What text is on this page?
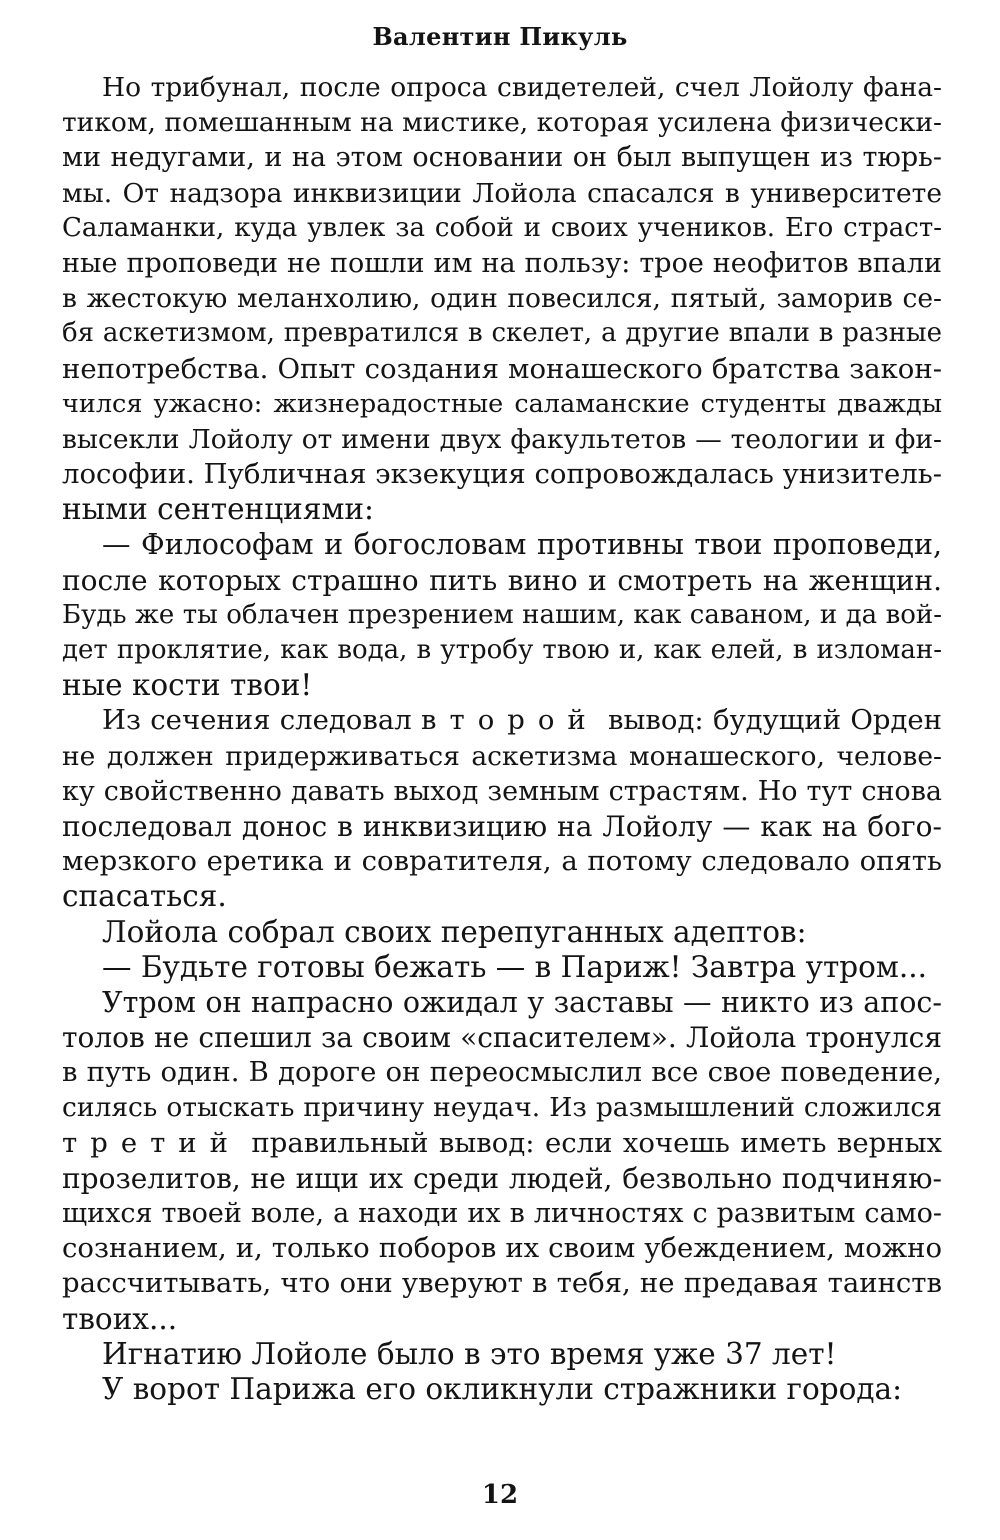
Валентин Пикуль
Но трибунал, после опроса свидетелей, счел Лойолу фана-
тиком, помешанным на мистике, которая усилена физически-
ми недугами, и на этом основании он был выпущен из тюрь-
мы. От надзора инквизиции Лойола спасался в университете
Саламанки, куда увлек за собой и своих учеников. Его страст-
ные проповеди не пошли им на пользу: трое неофитов впали
в жестокую меланхолию, один повесился, пятый, заморив се-
бя аскетизмом, превратился в скелет, а другие впали в разные
непотребства. Опыт создания монашеского братства закон-
чился ужасно: жизнерадостные саламанские студенты дважды
высекли Лойолу от имени двух факультетов — теологии и фи-
лософии. Публичная экзекуция сопровождалась унизитель-
ными сентенциями:
— Философам и богословам противны твои проповеди,
после которых страшно пить вино и смотреть на женщин.
Будь же ты облачен презрением нашим, как саваном, и да вой-
дет проклятие, как вода, в утробу твою и, как елей, в изломан-
ные кости твои!
Из сечения следовал второй вывод: будущий Орден
не должен придерживаться аскетизма монашеского, челове-
ку свойственно давать выход земным страстям. Но тут снова
последовал донос в инквизицию на Лойолу — как на бого-
мерзкого еретика и совратителя, а потому следовало опять
спасаться.
Лойола собрал своих перепуганных адептов:
— Будьте готовы бежать — в Париж! Завтра утром...
Утром он напрасно ожидал у заставы — никто из апос-
толов не спешил за своим «спасителем». Лойола тронулся
в путь один. В дороге он переосмыслил все свое поведение,
силясь отыскать причину неудач. Из размышлений сложился
третий правильный вывод: если хочешь иметь верных
прозелитов, не ищи их среди людей, безвольно подчиняю-
щихся твоей воле, а находи их в личностях с развитым само-
сознанием, и, только поборов их своим убеждением, можно
рассчитывать, что они уверуют в тебя, не предавая таинств
твоих...
Игнатию Лойоле было в это время уже 37 лет!
У ворот Парижа его окликнули стражники города:
12
